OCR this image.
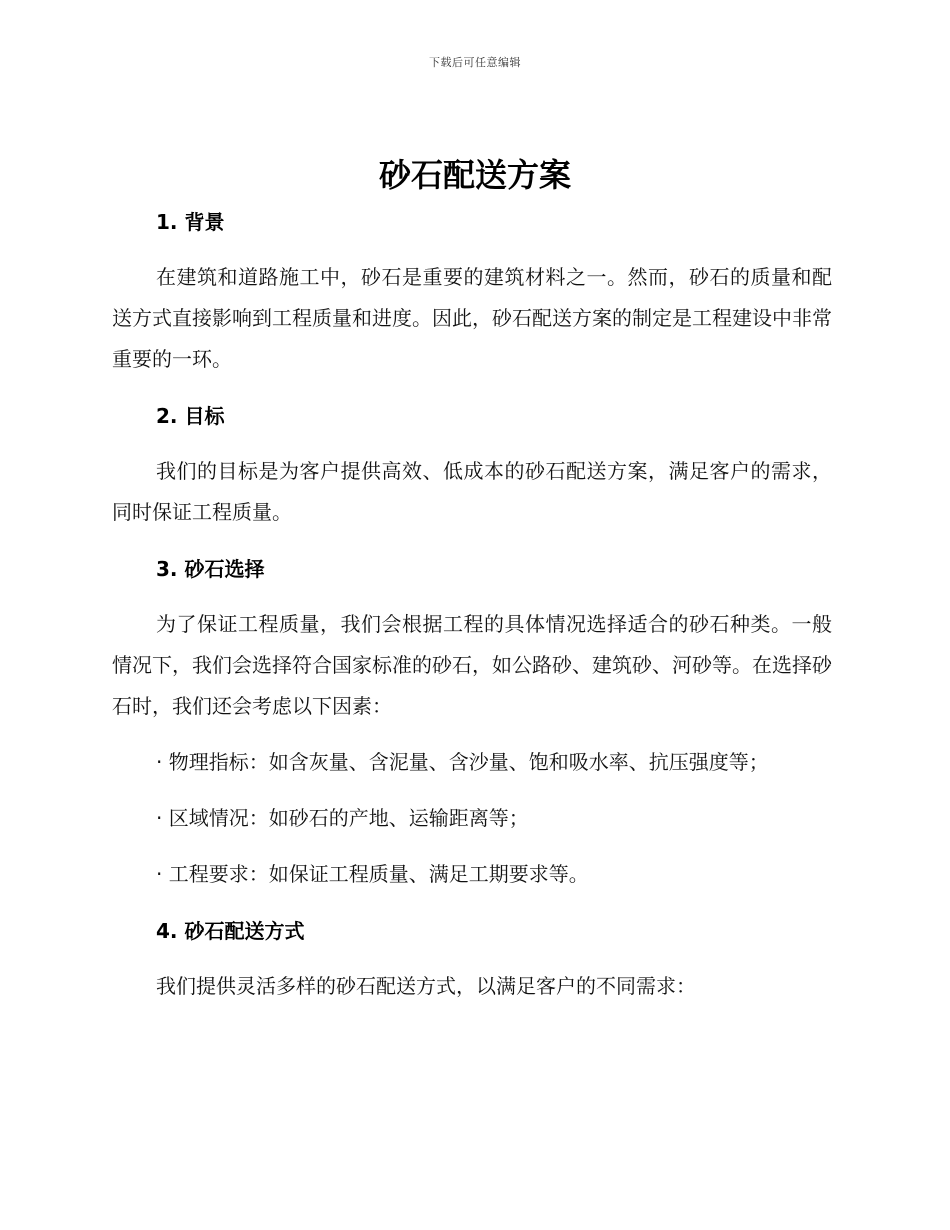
下载后可任意编辑
砂石配送方案
1. 背景

在建筑和道路施工中，砂石是重要的建筑材料之一。然而，砂石的质量和配送方式直接影响到工程质量和进度。因此，砂石配送方案的制定是工程建设中非常重要的一环。

2. 目标

我们的目标是为客户提供高效、低成本的砂石配送方案，满足客户的需求，同时保证工程质量。

3. 砂石选择

为了保证工程质量，我们会根据工程的具体情况选择适合的砂石种类。一般情况下，我们会选择符合国家标准的砂石，如公路砂、建筑砂、河砂等。在选择砂石时，我们还会考虑以下因素：

· 物理指标：如含灰量、含泥量、含沙量、饱和吸水率、抗压强度等；

· 区域情况：如砂石的产地、运输距离等；

· 工程要求：如保证工程质量、满足工期要求等。

4. 砂石配送方式

我们提供灵活多样的砂石配送方式，以满足客户的不同需求：
